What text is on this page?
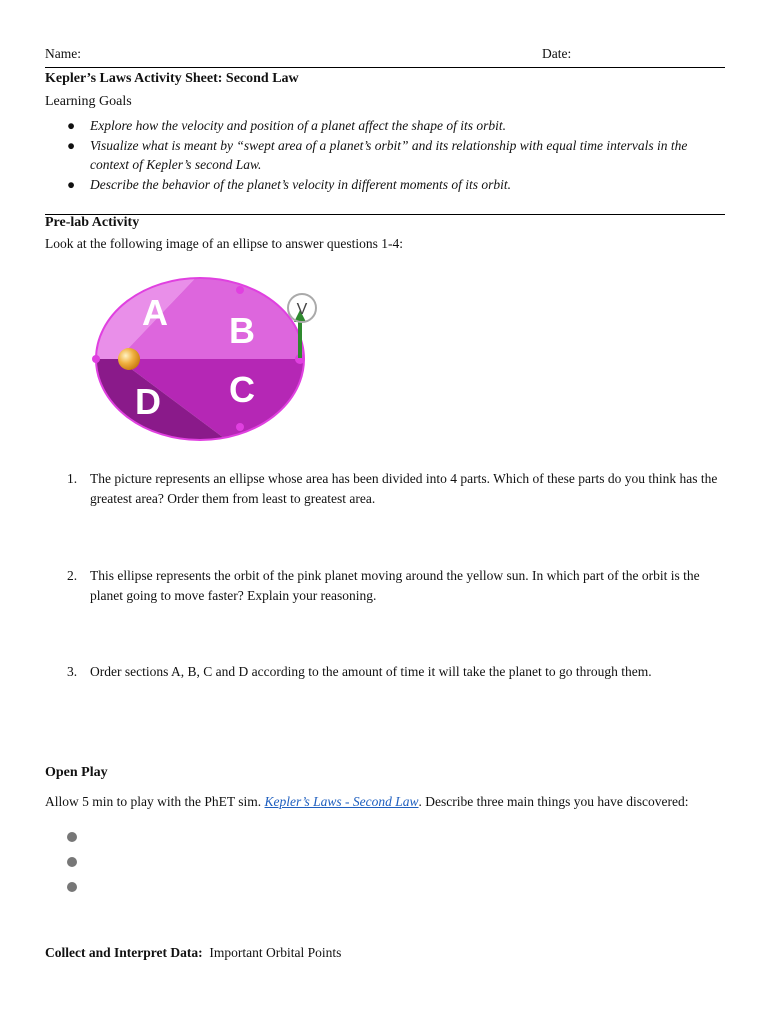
Name:	Date:
Kepler’s Laws Activity Sheet: Second Law
Learning Goals
● Explore how the velocity and position of a planet affect the shape of its orbit.
● Visualize what is meant by “swept area of a planet’s orbit” and its relationship with equal time intervals in the context of Kepler’s second Law.
● Describe the behavior of the planet’s velocity in different moments of its orbit.
Pre-lab Activity
Look at the following image of an ellipse to answer questions 1-4:
V
A B
C
D
1. The picture represents an ellipse whose area has been divided into 4 parts. Which of these parts do you think has the greatest area? Order them from least to greatest area.
2. This ellipse represents the orbit of the pink planet moving around the yellow sun. In which part of the orbit is the planet going to move faster? Explain your reasoning.
3. Order sections A, B, C and D according to the amount of time it will take the planet to go through them.
Open Play
Allow 5 min to play with the PhET sim. Kepler’s Laws - Second Law. Describe three main things you have discovered:
Collect and Interpret Data: Important Orbital Points
